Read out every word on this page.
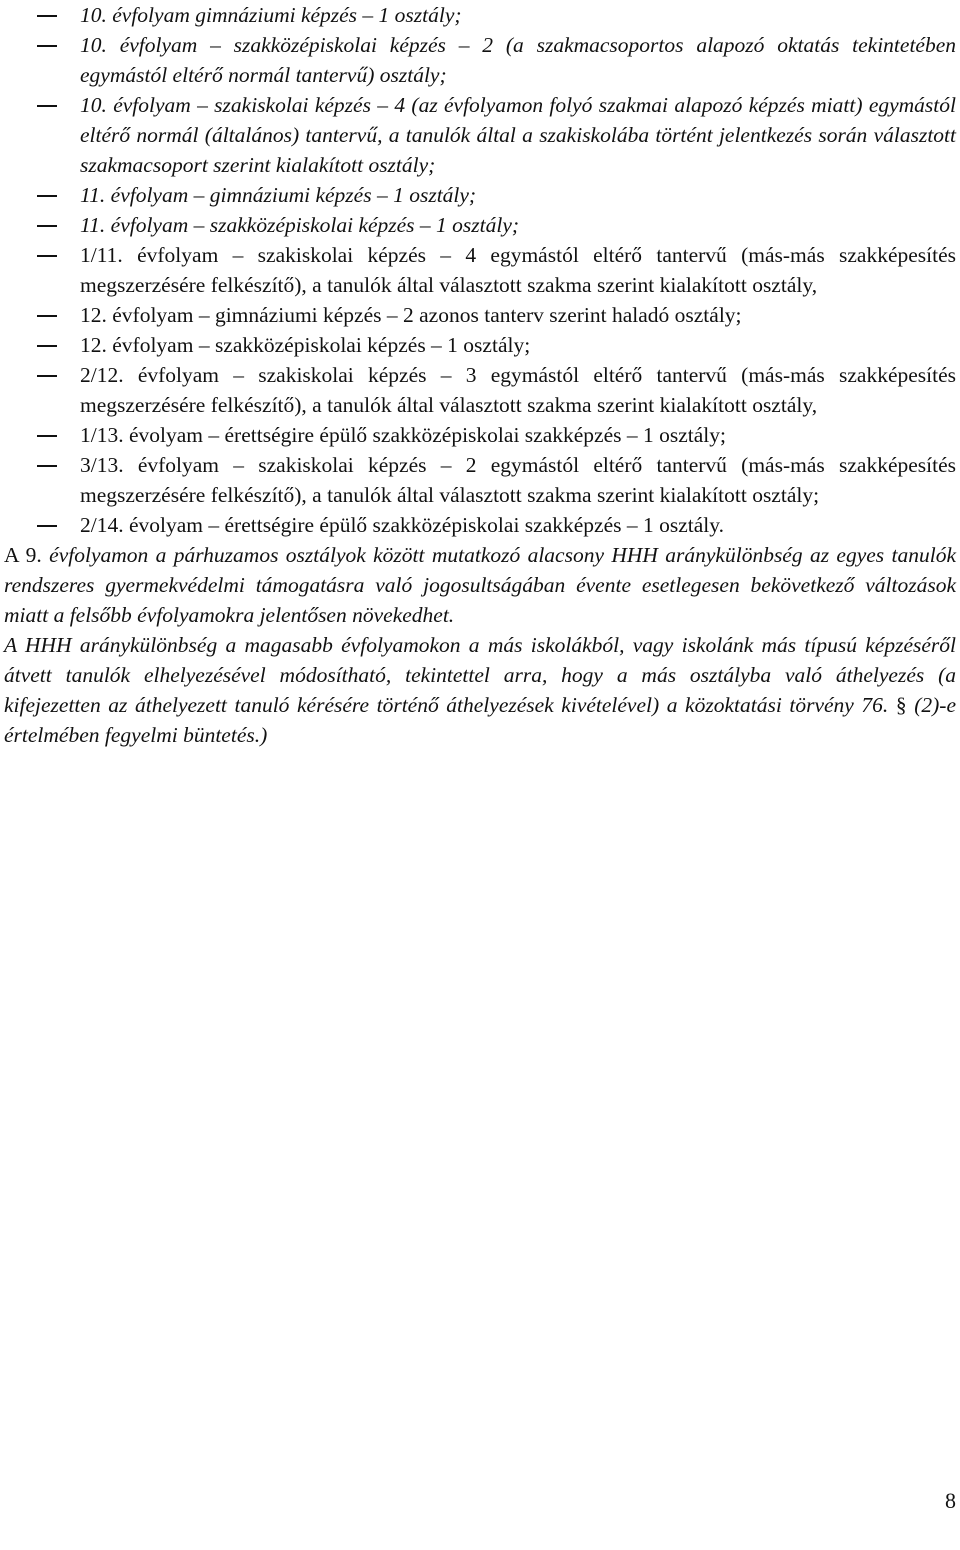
10. évfolyam gimnáziumi képzés – 1 osztály;
10. évfolyam – szakközépiskolai képzés – 2 (a szakmacsoportos alapozó oktatás tekintetében egymástól eltérő normál tantervű) osztály;
10. évfolyam – szakiskolai képzés – 4 (az évfolyamon folyó szakmai alapozó képzés miatt) egymástól eltérő normál (általános) tantervű, a tanulók által a szakiskolába történt jelentkezés során választott szakmacsoport szerint kialakított osztály;
11. évfolyam – gimnáziumi képzés – 1 osztály;
11. évfolyam – szakközépiskolai képzés – 1 osztály;
1/11. évfolyam – szakiskolai képzés – 4 egymástól eltérő tantervű (más-más szakképesítés megszerzésére felkészítő), a tanulók által választott szakma szerint kialakított osztály,
12. évfolyam – gimnáziumi képzés – 2 azonos tanterv szerint haladó osztály;
12. évfolyam – szakközépiskolai képzés – 1 osztály;
2/12. évfolyam – szakiskolai képzés – 3 egymástól eltérő tantervű (más-más szakképesítés megszerzésére felkészítő), a tanulók által választott szakma szerint kialakított osztály,
1/13. évolyam – érettségire épülő szakközépiskolai szakképzés – 1 osztály;
3/13. évfolyam – szakiskolai képzés – 2 egymástól eltérő tantervű (más-más szakképesítés megszerzésére felkészítő), a tanulók által választott szakma szerint kialakított osztály;
2/14. évolyam – érettségire épülő szakközépiskolai szakképzés – 1 osztály.

A 9. évfolyamon a párhuzamos osztályok között mutatkozó alacsony HHH aránykülönbség az egyes tanulók rendszeres gyermekvédelmi támogatásra való jogosultságában évente esetlegesen bekövetkező változások miatt a felsőbb évfolyamokra jelentősen növekedhet.

A HHH aránykülönbség a magasabb évfolyamokon a más iskolákból, vagy iskolánk más típusú képzéséről átvett tanulók elhelyezésével módosítható, tekintettel arra, hogy a más osztályba való áthelyezés (a kifejezetten az áthelyezett tanuló kérésére történő áthelyezések kivételével) a közoktatási törvény 76. § (2)-e értelmében fegyelmi büntetés.)

8
